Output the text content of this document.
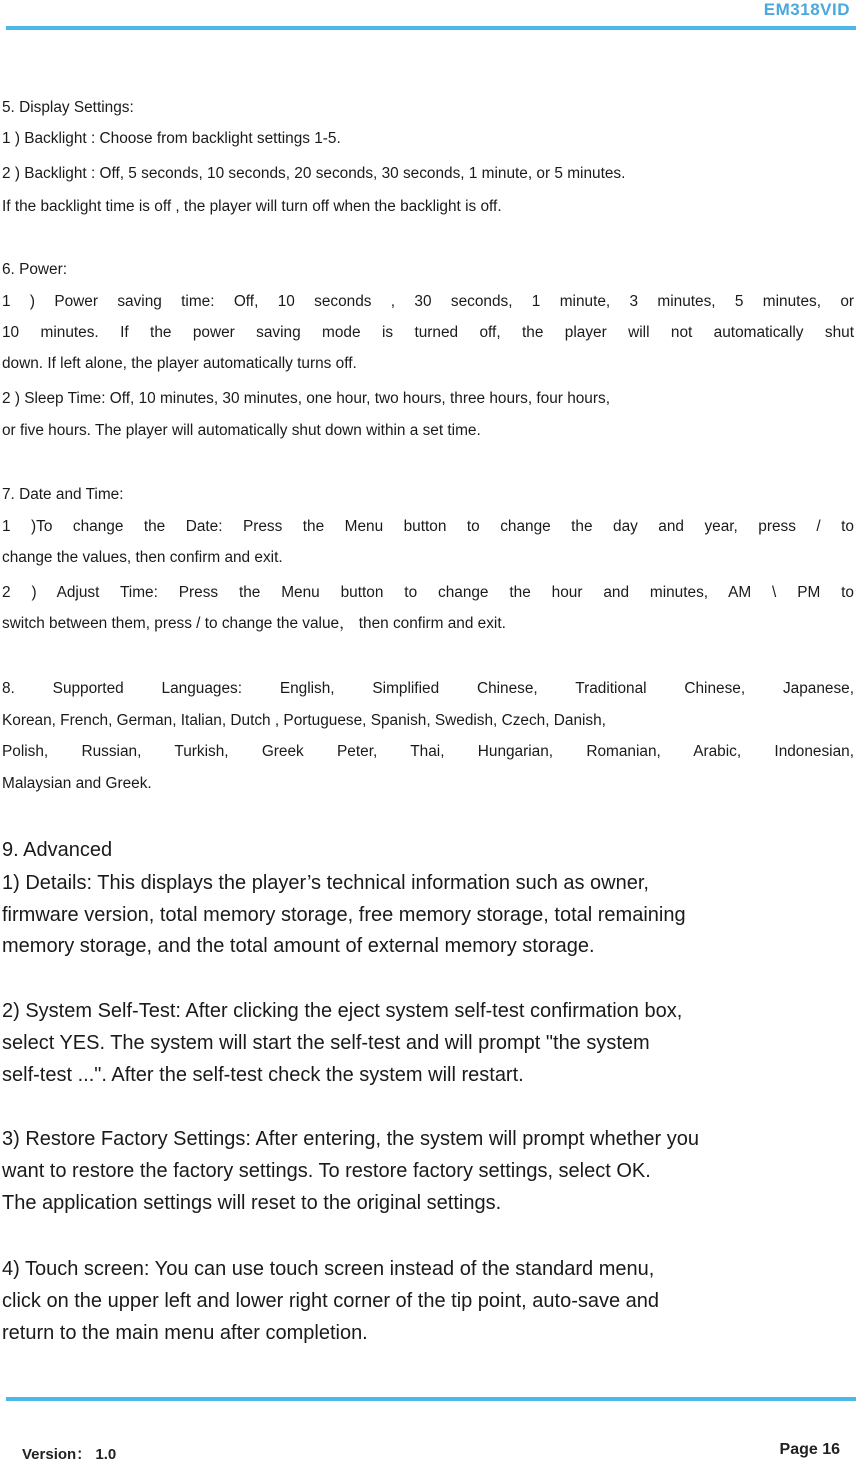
EM318VID
5. Display Settings:
1 ) Backlight : Choose from backlight settings 1-5.
2 ) Backlight : Off, 5 seconds, 10 seconds, 20 seconds, 30 seconds, 1 minute, or 5 minutes.
If the backlight time is off , the player will turn off when the backlight is off.
6. Power:
1 ) Power saving time: Off, 10 seconds , 30 seconds, 1 minute, 3 minutes, 5 minutes, or
10 minutes. If the power saving mode is turned off, the player will not automatically shut
down. If left alone, the player automatically turns off.
2 ) Sleep Time: Off, 10 minutes, 30 minutes, one hour, two hours, three hours, four hours,
or five hours. The player will automatically shut down within a set time.
7. Date and Time:
1 )To change the Date: Press the Menu button to change the day and year, press / to
change the values, then confirm and exit.
2 ) Adjust Time: Press the Menu button to change the hour and minutes, AM \ PM to
switch between them, press / to change the value， then confirm and exit.
8. Supported Languages: English, Simplified Chinese, Traditional Chinese, Japanese,
Korean, French, German, Italian, Dutch , Portuguese, Spanish, Swedish, Czech, Danish,
Polish, Russian, Turkish, Greek Peter, Thai, Hungarian, Romanian, Arabic, Indonesian,
Malaysian and Greek.
9. Advanced
1) Details: This displays the player’s technical information such as owner,
firmware version, total memory storage, free memory storage, total remaining
memory storage, and the total amount of external memory storage.
2) System Self-Test: After clicking the eject system self-test confirmation box,
select YES. The system will start the self-test and will prompt "the system
self-test ...". After the self-test check the system will restart.
3) Restore Factory Settings: After entering, the system will prompt whether you
want to restore the factory settings. To restore factory settings, select OK.
The application settings will reset to the original settings.
4) Touch screen: You can use touch screen instead of the standard menu,
click on the upper left and lower right corner of the tip point, auto-save and
return to the main menu after completion.
Version： 1.0	Page 16
